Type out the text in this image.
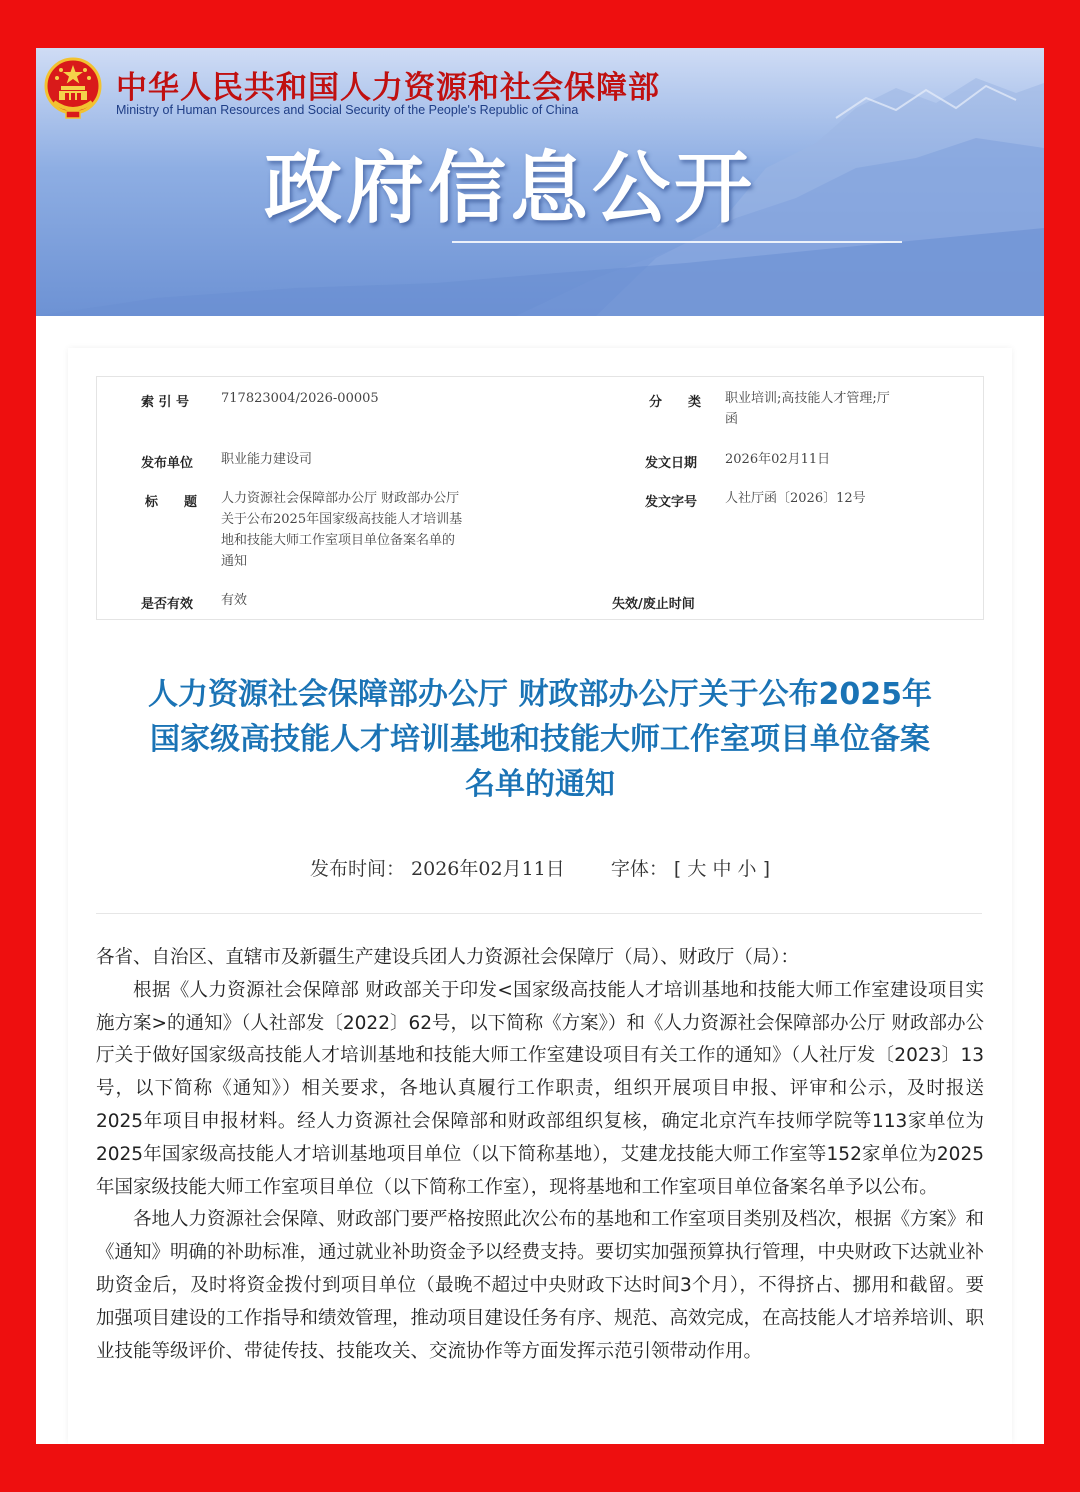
中华人民共和国人力资源和社会保障部
Ministry of Human Resources and Social Security of the People's Republic of China
政府信息公开
索 引 号 717823004/2026-00005	分　　类 职业培训;高技能人才管理;厅
函
发布单位 职业能力建设司	发文日期 2026年02月11日
标　　题 人力资源社会保障部办公厅 财政部办公厅
关于公布2025年国家级高技能人才培训基
地和技能大师工作室项目单位备案名单的
通知
发文字号 人社厅函〔2026〕12号
是否有效 有效	失效/废止时间
人力资源社会保障部办公厅 财政部办公厅关于公布2025年
国家级高技能人才培训基地和技能大师工作室项目单位备案
名单的通知
发布时间： 2026年02月11日 字体： [ 大 中 小 ]

各省、自治区、直辖市及新疆生产建设兵团人力资源社会保障厅（局）、财政厅（局）：

根据《人力资源社会保障部 财政部关于印发<国家级高技能人才培训基地和技能大师工作室建设项目实施方案>的通知》（人社部发〔2022〕62号，以下简称《方案》）和《人力资源社会保障部办公厅 财政部办公厅关于做好国家级高技能人才培训基地和技能大师工作室建设项目有关工作的通知》（人社厅发〔2023〕13号，以下简称《通知》）相关要求，各地认真履行工作职责，组织开展项目申报、评审和公示，及时报送2025年项目申报材料。经人力资源社会保障部和财政部组织复核，确定北京汽车技师学院等113家单位为2025年国家级高技能人才培训基地项目单位（以下简称基地），艾建龙技能大师工作室等152家单位为2025年国家级技能大师工作室项目单位（以下简称工作室），现将基地和工作室项目单位备案名单予以公布。

各地人力资源社会保障、财政部门要严格按照此次公布的基地和工作室项目类别及档次，根据《方案》和《通知》明确的补助标准，通过就业补助资金予以经费支持。要切实加强预算执行管理，中央财政下达就业补助资金后，及时将资金拨付到项目单位（最晚不超过中央财政下达时间3个月），不得挤占、挪用和截留。要加强项目建设的工作指导和绩效管理，推动项目建设任务有序、规范、高效完成，在高技能人才培养培训、职业技能等级评价、带徒传技、技能攻关、交流协作等方面发挥示范引领带动作用。
